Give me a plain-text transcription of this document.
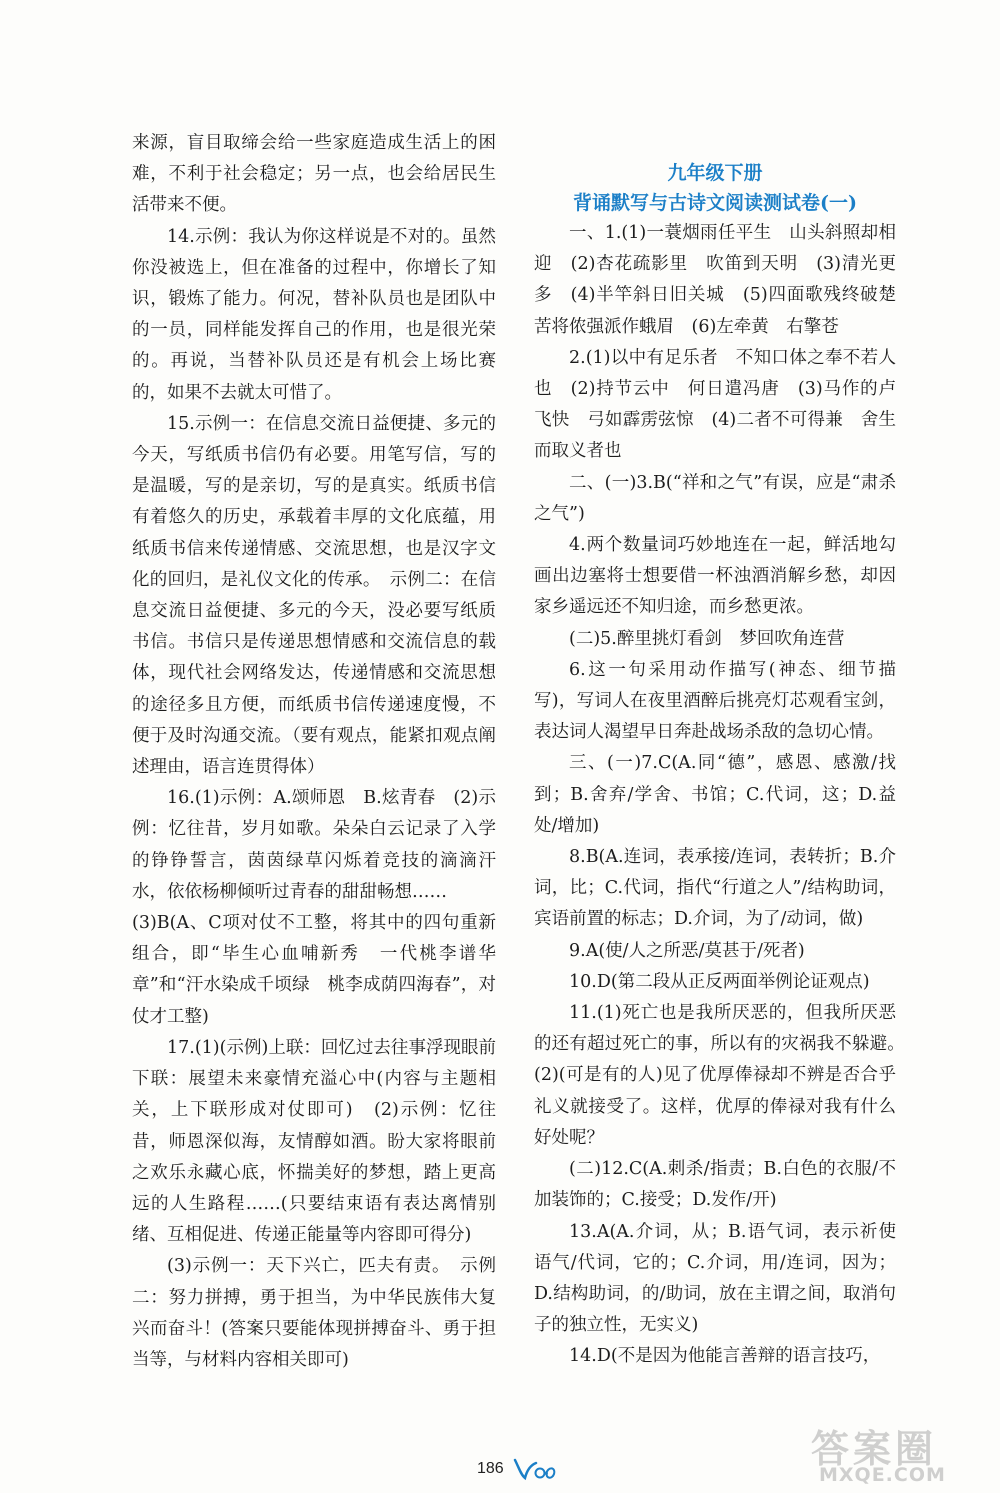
来源，盲目取缔会给一些家庭造成生活上的困难，不利于社会稳定；另一点，也会给居民生活带来不便。

14.示例：我认为你这样说是不对的。虽然你没被选上，但在准备的过程中，你增长了知识，锻炼了能力。何况，替补队员也是团队中的一员，同样能发挥自己的作用，也是很光荣的。再说，当替补队员还是有机会上场比赛的，如果不去就太可惜了。

15.示例一：在信息交流日益便捷、多元的今天，写纸质书信仍有必要。用笔写信，写的是温暖，写的是亲切，写的是真实。纸质书信有着悠久的历史，承载着丰厚的文化底蕴，用纸质书信来传递情感、交流思想，也是汉字文化的回归，是礼仪文化的传承。　示例二：在信息交流日益便捷、多元的今天，没必要写纸质书信。书信只是传递思想情感和交流信息的载体，现代社会网络发达，传递情感和交流思想的途径多且方便，而纸质书信传递速度慢，不便于及时沟通交流。（要有观点，能紧扣观点阐述理由，语言连贯得体）

16.(1)示例：A.颂师恩　B.炫青春　(2)示例：忆往昔，岁月如歌。朵朵白云记录了入学的铮铮誓言，茵茵绿草闪烁着竞技的滴滴汗水，依依杨柳倾听过青春的甜甜畅想……

(3)B(A、C项对仗不工整，将其中的四句重新组合，即“毕生心血哺新秀　一代桃李谱华章”和“汗水染成千顷绿　桃李成荫四海春”，对仗才工整)

17.(1)(示例)上联：回忆过去往事浮现眼前　下联：展望未来豪情充溢心中(内容与主题相关，上下联形成对仗即可)　(2)示例：忆往昔，师恩深似海，友情醇如酒。盼大家将眼前之欢乐永藏心底，怀揣美好的梦想，踏上更高远的人生路程……(只要结束语有表达离情别绪、互相促进、传递正能量等内容即可得分)

(3)示例一：天下兴亡，匹夫有责。　示例二：努力拼搏，勇于担当，为中华民族伟大复兴而奋斗！(答案只要能体现拼搏奋斗、勇于担当等，与材料内容相关即可)

九年级下册

背诵默写与古诗文阅读测试卷(一)

一、1.(1)一蓑烟雨任平生　山头斜照却相迎　(2)杏花疏影里　吹笛到天明　(3)清光更多　(4)半竿斜日旧关城　(5)四面歌残终破楚　苦将侬强派作蛾眉　(6)左牵黄　右擎苍

2.(1)以中有足乐者　不知口体之奉不若人也　(2)持节云中　何日遣冯唐　(3)马作的卢飞快　弓如霹雳弦惊　(4)二者不可得兼　舍生而取义者也

二、(一)3.B(“祥和之气”有误，应是“肃杀之气”)

4.两个数量词巧妙地连在一起，鲜活地勾画出边塞将士想要借一杯浊酒消解乡愁，却因家乡遥远还不知归途，而乡愁更浓。

(二)5.醉里挑灯看剑　梦回吹角连营

6.这一句采用动作描写(神态、细节描写)，写词人在夜里酒醉后挑亮灯芯观看宝剑，表达词人渴望早日奔赴战场杀敌的急切心情。

三、(一)7.C(A.同“德”，感恩、感激/找到；B.舍弃/学舍、书馆；C.代词，这；D.益处/增加)

8.B(A.连词，表承接/连词，表转折；B.介词，比；C.代词，指代“行道之人”/结构助词，宾语前置的标志；D.介词，为了/动词，做)

9.A(使/人之所恶/莫甚于/死者)

10.D(第二段从正反两面举例论证观点)

11.(1)死亡也是我所厌恶的，但我所厌恶的还有超过死亡的事，所以有的灾祸我不躲避。　(2)(可是有的人)见了优厚俸禄却不辨是否合乎礼义就接受了。这样，优厚的俸禄对我有什么好处呢？

(二)12.C(A.刺杀/指责；B.白色的衣服/不加装饰的；C.接受；D.发作/开)

13.A(A.介词，从；B.语气词，表示祈使语气/代词，它的；C.介词，用/连词，因为；D.结构助词，的/助词，放在主谓之间，取消句子的独立性，无实义)

14.D(不是因为他能言善辩的语言技巧，

186	答案圈
MXQE.COM
